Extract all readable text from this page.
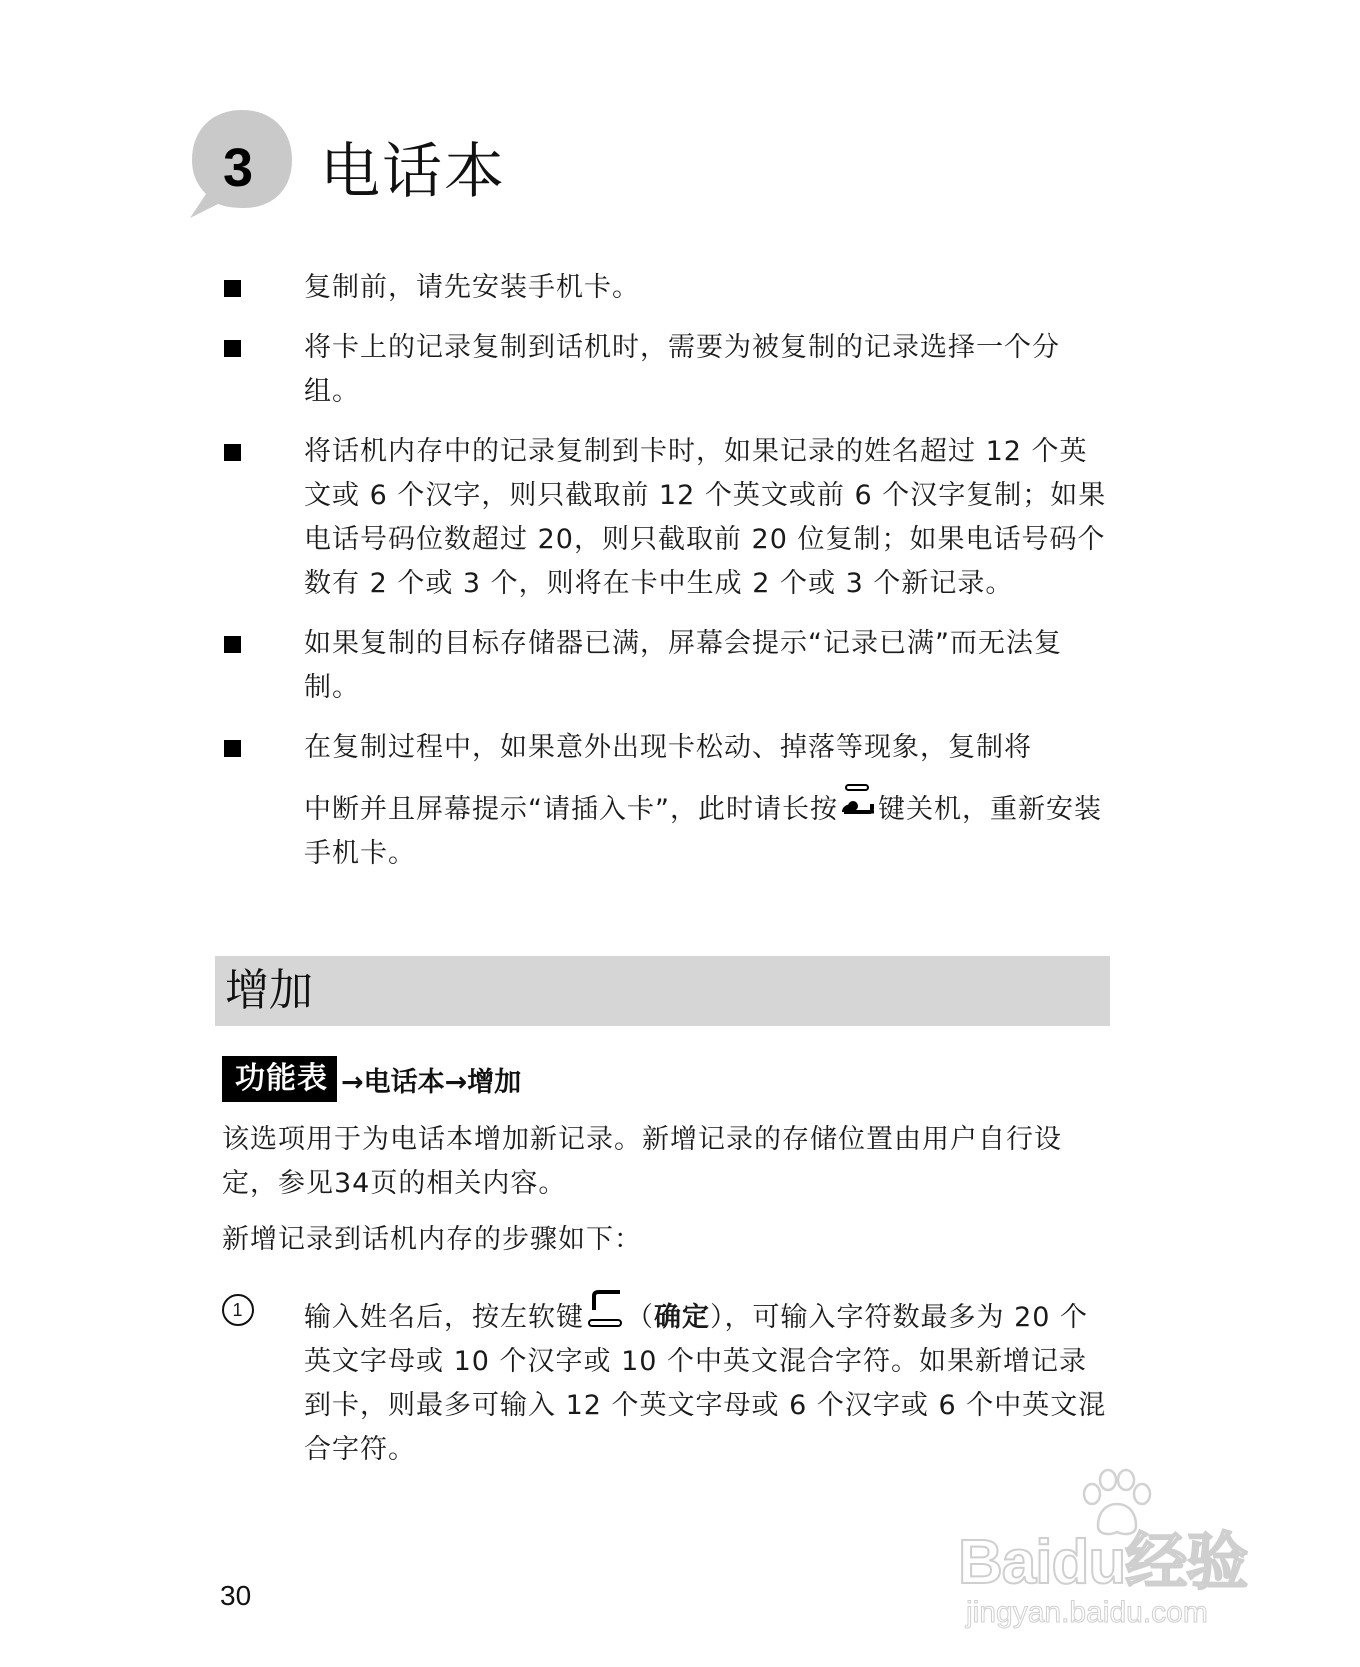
3	电话本
复制前，请先安装手机卡。
将卡上的记录复制到话机时，需要为被复制的记录选择一个分组。
将话机内存中的记录复制到卡时，如果记录的姓名超过 12 个英文或 6 个汉字，则只截取前 12 个英文或前 6 个汉字复制；如果电话号码位数超过 20，则只截取前 20 位复制；如果电话号码个数有 2 个或 3 个，则将在卡中生成 2 个或 3 个新记录。
如果复制的目标存储器已满，屏幕会提示“记录已满”而无法复制。
在复制过程中，如果意外出现卡松动、掉落等现象，复制将
中断并且屏幕提示“请插入卡”，此时请长按 键关机，重新安装手机卡。
增加
功能表 →电话本→增加
该选项用于为电话本增加新记录。新增记录的存储位置由用户自行设定，参见34页的相关内容。
新增记录到话机内存的步骤如下：
1	输入姓名后，按左软键 （确定），可输入字符数最多为 20 个英文字母或 10 个汉字或 10 个中英文混合字符。如果新增记录到卡，则最多可输入 12 个英文字母或 6 个汉字或 6 个中英文混合字符。
30	Baidu经验
jingyan.baidu.com
